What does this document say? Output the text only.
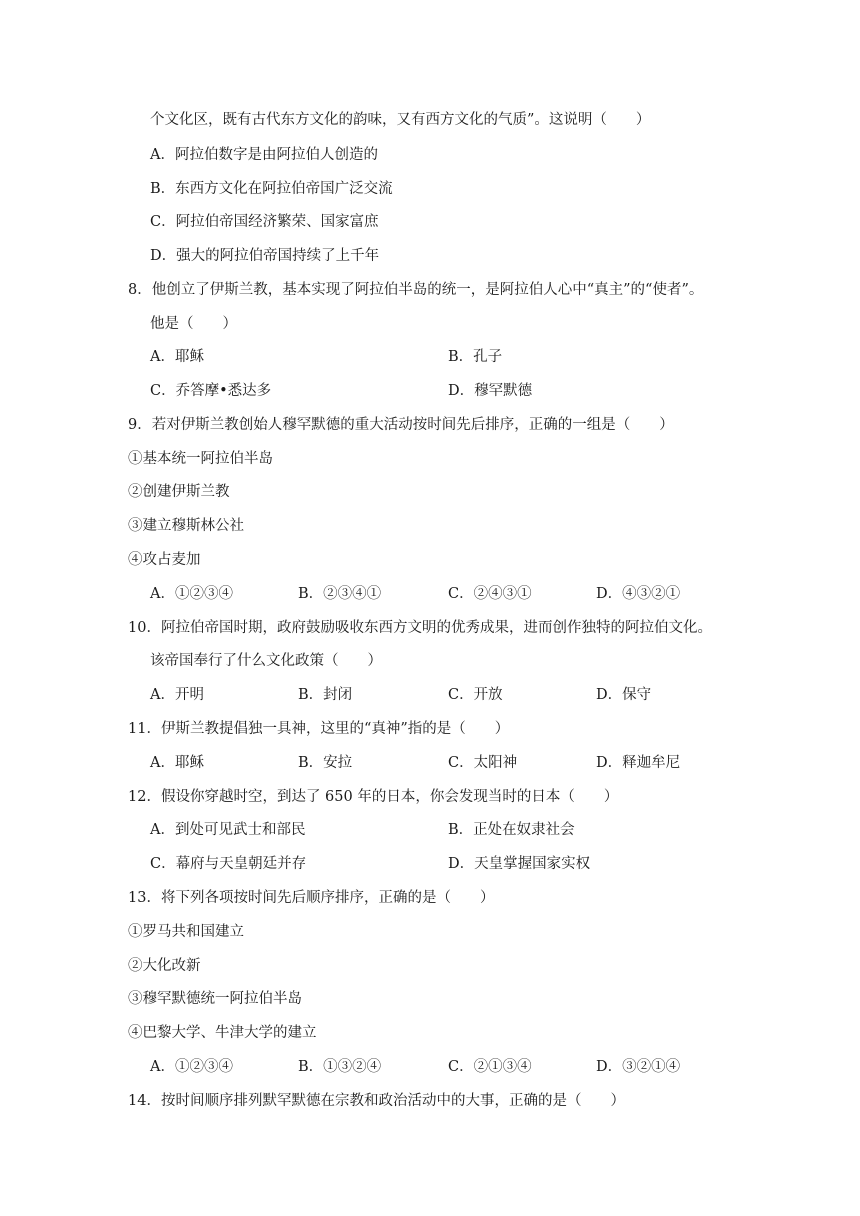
个文化区，既有古代东方文化的韵味，又有西方文化的气质”。这说明（　　）
A．阿拉伯数字是由阿拉伯人创造的
B．东西方文化在阿拉伯帝国广泛交流
C．阿拉伯帝国经济繁荣、国家富庶
D．强大的阿拉伯帝国持续了上千年
8．他创立了伊斯兰教，基本实现了阿拉伯半岛的统一，是阿拉伯人心中“真主”的“使者”。
他是（　　）
A．耶稣	B．孔子
C．乔答摩•悉达多	D．穆罕默德
9．若对伊斯兰教创始人穆罕默德的重大活动按时间先后排序，正确的一组是（　　）
①基本统一阿拉伯半岛
②创建伊斯兰教
③建立穆斯林公社
④攻占麦加
A．①②③④	B．②③④①	C．②④③①	D．④③②①
10．阿拉伯帝国时期，政府鼓励吸收东西方文明的优秀成果，进而创作独特的阿拉伯文化。
该帝国奉行了什么文化政策（　　）
A．开明	B．封闭	C．开放	D．保守
11．伊斯兰教提倡独一具神，这里的“真神”指的是（　　）
A．耶稣	B．安拉	C．太阳神	D．释迦牟尼
12．假设你穿越时空，到达了 650 年的日本，你会发现当时的日本（　　）
A．到处可见武士和部民	B．正处在奴隶社会
C．幕府与天皇朝廷并存	D．天皇掌握国家实权
13．将下列各项按时间先后顺序排序，正确的是（　　）
①罗马共和国建立
②大化改新
③穆罕默德统一阿拉伯半岛
④巴黎大学、牛津大学的建立
A．①②③④	B．①③②④	C．②①③④	D．③②①④
14．按时间顺序排列默罕默德在宗教和政治活动中的大事，正确的是（　　）
